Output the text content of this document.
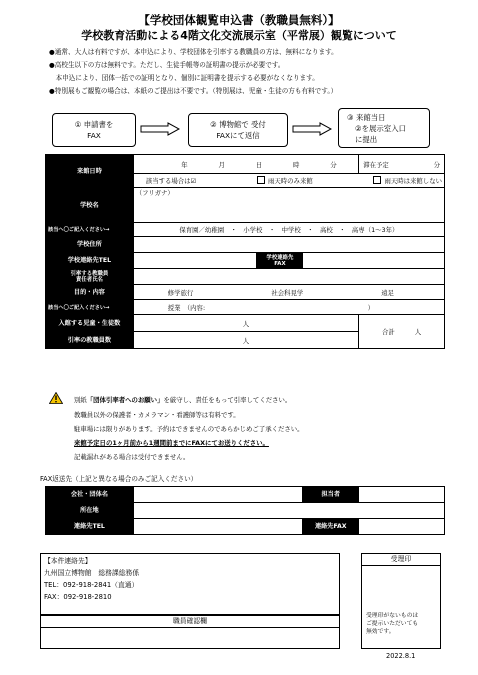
【学校団体観覧申込書（教職員無料）】
学校教育活動による4階文化交流展示室（平常展）観覧について
●通常、大人は有料ですが、本申込により、学校団体を引率する教職員の方は、無料になります。
●高校生以下の方は無料です。ただし、生徒手帳等の証明書の提示が必要です。
　本申込により、団体一括での証明となり、個別に証明書を提示する必要がなくなります。
●特別展もご観覧の場合は、本紙のご提出は不要です。（特別展は、児童・生徒の方も有料です。）
① 申請書を
FAX
② 博物館で 受付
FAXにて返信
③ 来館当日
②を展示室入口
に提出
来館日時	年 月 日 時 分			滞在予定 分

	該当する場合は☑ 雨天時のみ来館 雨天時は来館しない			

学校名	（フリガナ）			
該当へ〇ご記入ください→	保育園／幼稚園　・　小学校　・　中学校　・　高校　・　高専（1～3年）			
学校住所				
学校連絡先TEL		学校連絡先
FAX		

引率する教職員
責任者氏名				

目的・内容	修学旅行 社会科見学 遠足			

該当へ〇ご記入ください→	授業　（内容: ）			

入館する児童・生徒数	人			合計 人
引率の教職員数	人			
別紙「団体引率者へのお願い」を厳守し、責任をもって引率してください。
教職員以外の保護者・カメラマン・看護師等は有料です。
駐車場には限りがあります。予約はできませんのであらかじめご了承ください。
来館予定日の1ヶ月前から1週間前までにFAXにてお送りください。
記載漏れがある場合は受付できません。
FAX返送先（上記と異なる場合のみご記入ください）
会社・団体名		担当者	
所在地			
連絡先TEL		連絡先FAX	
【本件連絡先】
九州国立博物館　総務課総務係
TEL：092-918-2841（直通）
FAX：092-918-2810
職員確認欄
受理印
受理印がないものは
ご提示いただいても
無効です。
2022.8.1
